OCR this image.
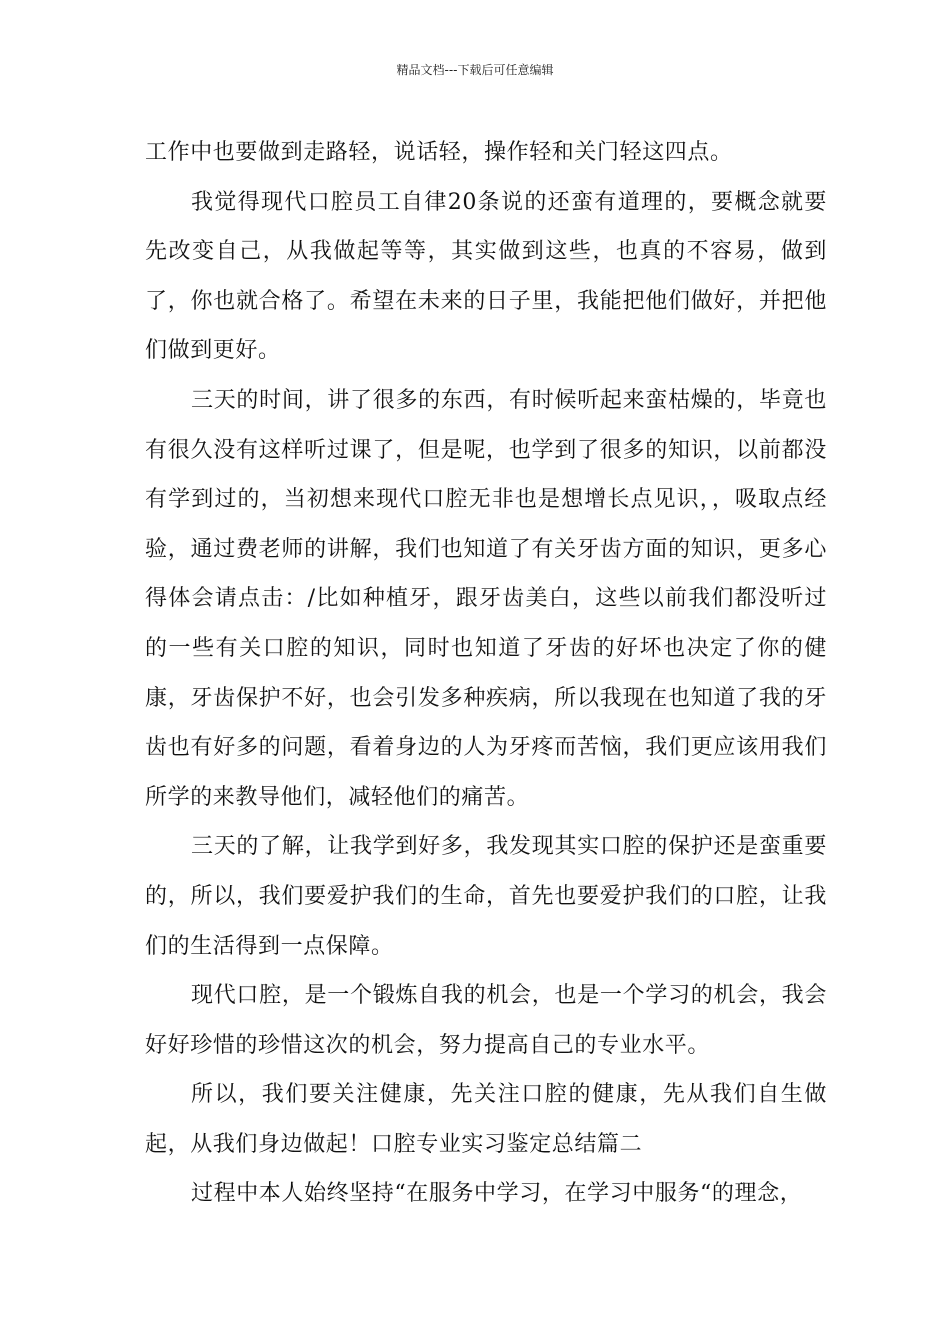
精品文档---下载后可任意编辑

工作中也要做到走路轻，说话轻，操作轻和关门轻这四点。

我觉得现代口腔员工自律20条说的还蛮有道理的，要概念就要先改变自己，从我做起等等，其实做到这些，也真的不容易，做到了，你也就合格了。希望在未来的日子里，我能把他们做好，并把他们做到更好。

三天的时间，讲了很多的东西，有时候听起来蛮枯燥的，毕竟也有很久没有这样听过课了，但是呢，也学到了很多的知识，以前都没有学到过的，当初想来现代口腔无非也是想增长点见识，，吸取点经验，通过费老师的讲解，我们也知道了有关牙齿方面的知识，更多心得体会请点击：/比如种植牙，跟牙齿美白，这些以前我们都没听过的一些有关口腔的知识，同时也知道了牙齿的好坏也决定了你的健康，牙齿保护不好，也会引发多种疾病，所以我现在也知道了我的牙齿也有好多的问题，看着身边的人为牙疼而苦恼，我们更应该用我们所学的来教导他们，减轻他们的痛苦。

三天的了解，让我学到好多，我发现其实口腔的保护还是蛮重要的，所以，我们要爱护我们的生命，首先也要爱护我们的口腔，让我们的生活得到一点保障。

现代口腔，是一个锻炼自我的机会，也是一个学习的机会，我会好好珍惜的珍惜这次的机会，努力提高自己的专业水平。

所以，我们要关注健康，先关注口腔的健康，先从我们自生做起，从我们身边做起！口腔专业实习鉴定总结篇二

过程中本人始终坚持“在服务中学习，在学习中服务“的理念，
